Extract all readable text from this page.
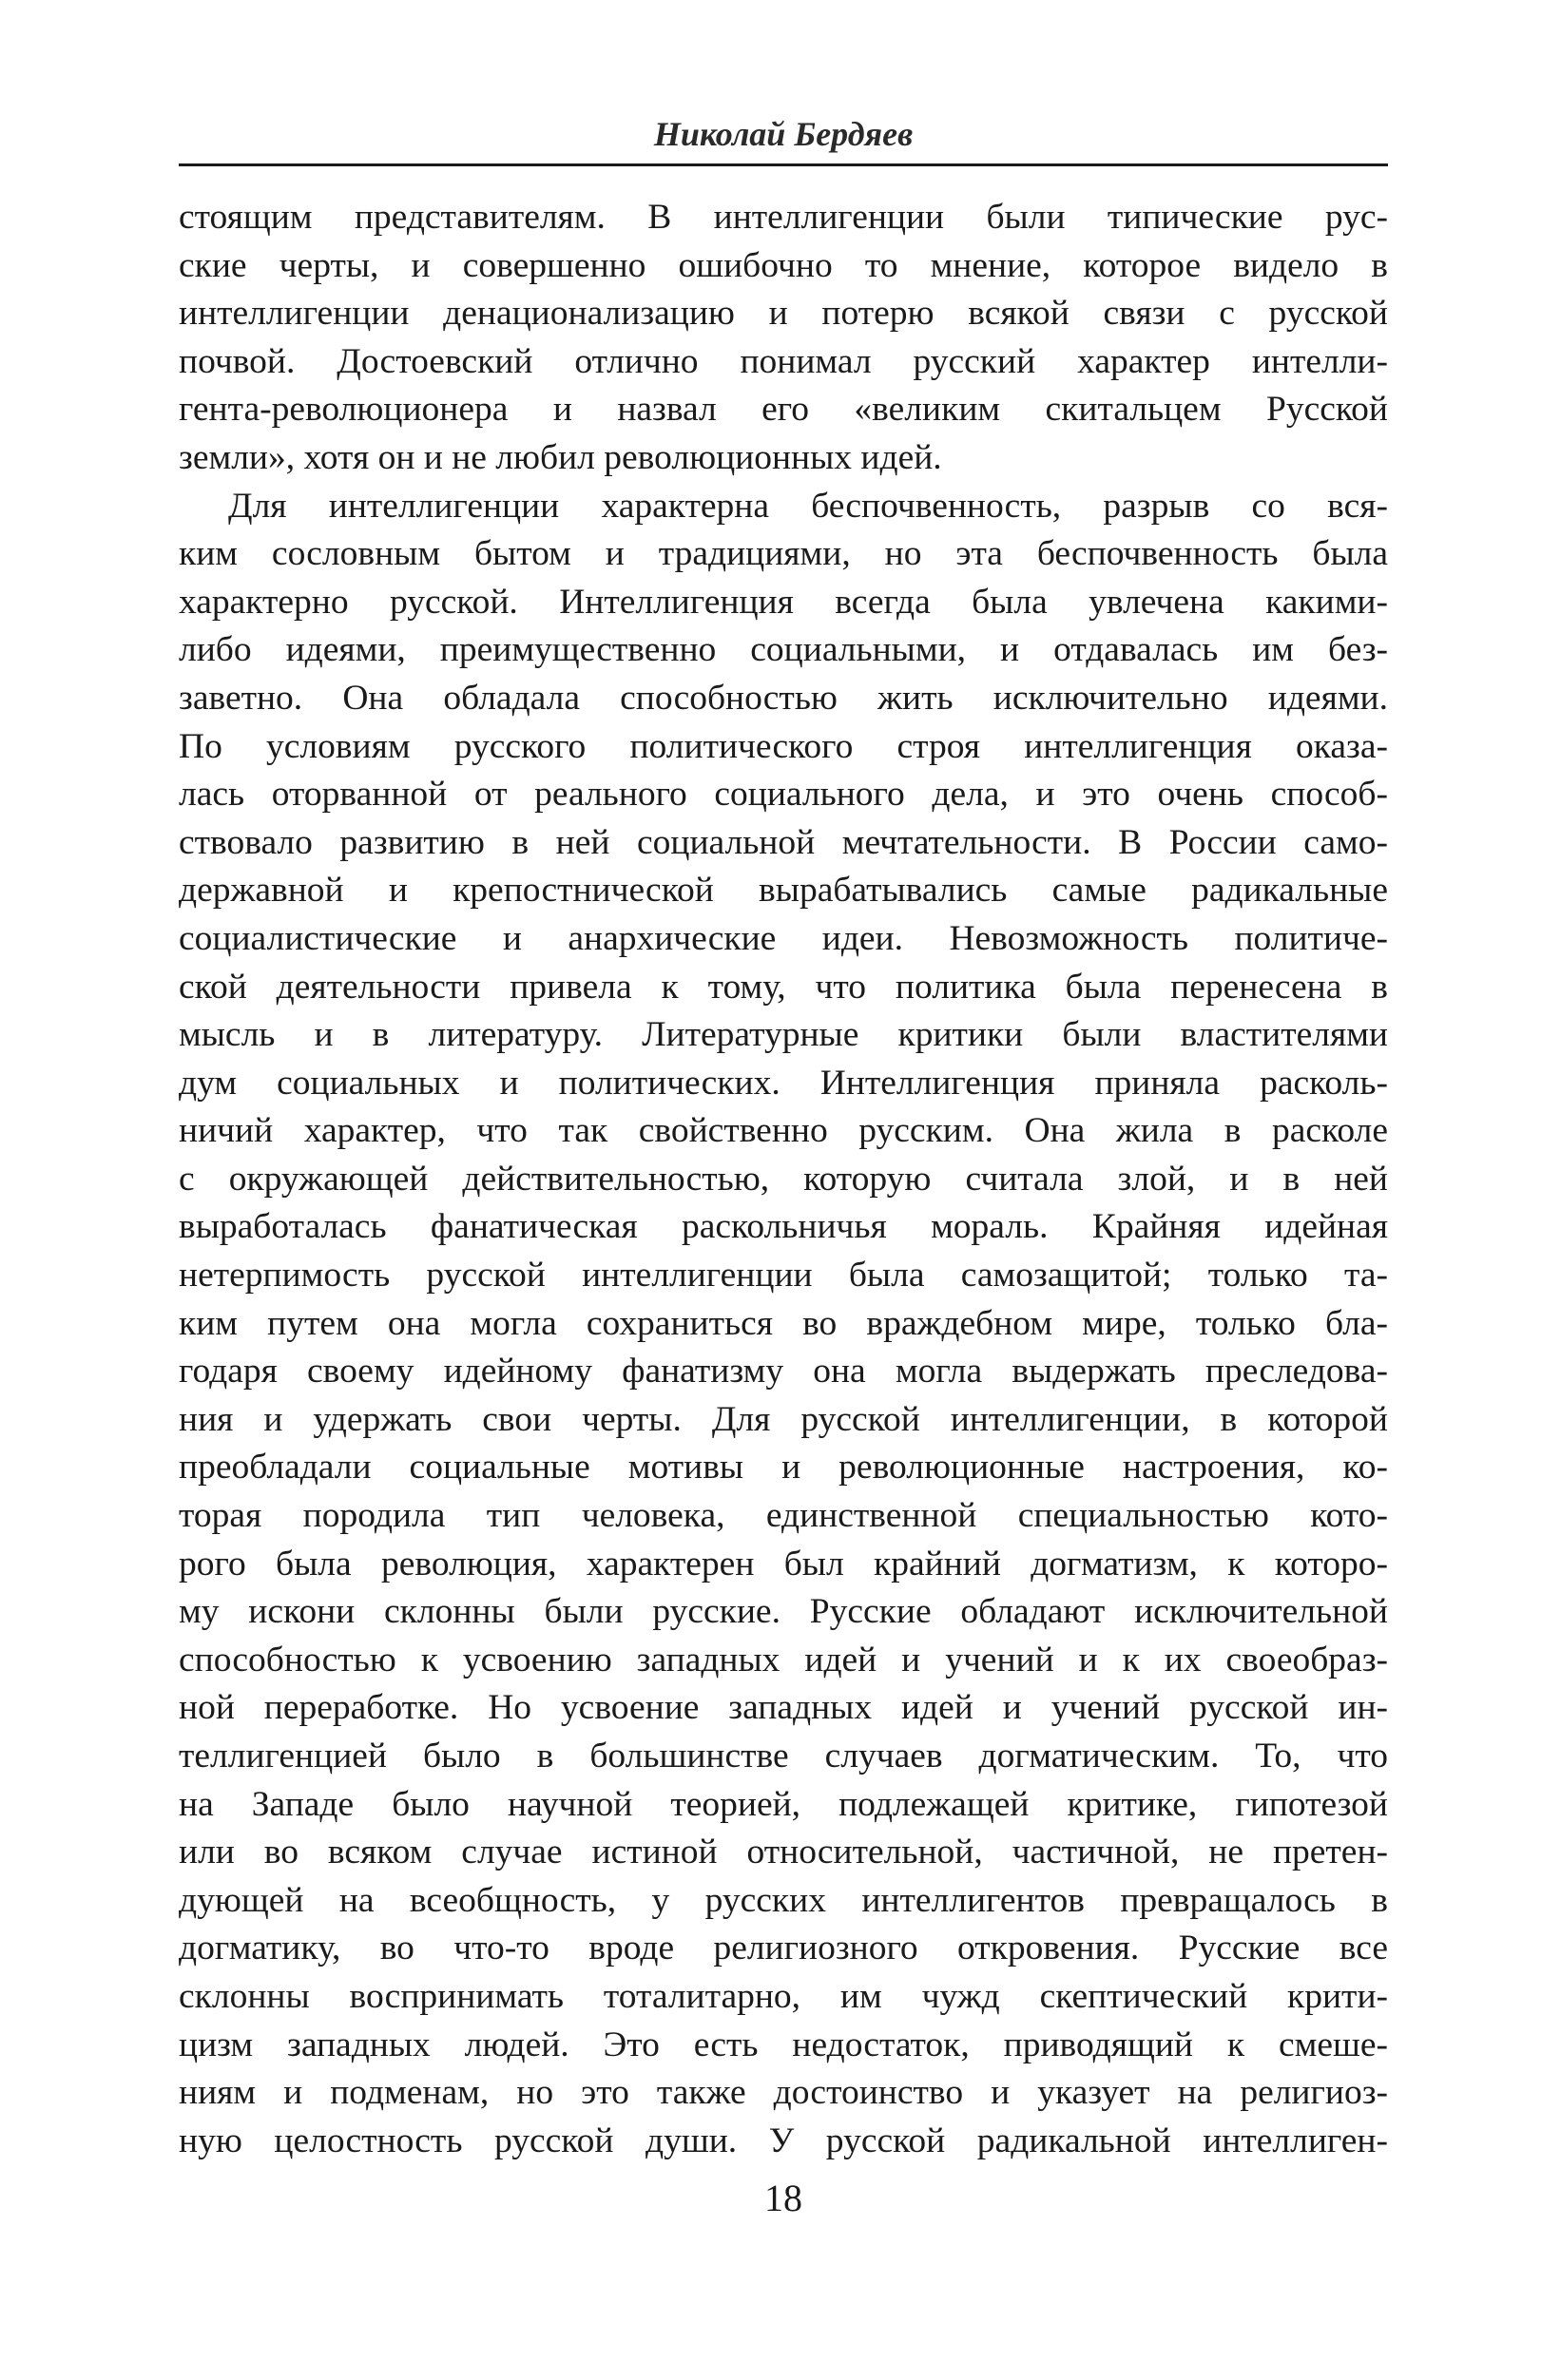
Николай Бердяев
стоящим представителям. В интеллигенции были типические рус-
ские черты, и совершенно ошибочно то мнение, которое видело в
интеллигенции денационализацию и потерю всякой связи с русской
почвой. Достоевский отлично понимал русский характер интелли-
гента-революционера и назвал его «великим скитальцем Русской
земли», хотя он и не любил революционных идей.
Для интеллигенции характерна беспочвенность, разрыв со вся-
ким сословным бытом и традициями, но эта беспочвенность была
характерно русской. Интеллигенция всегда была увлечена какими-
либо идеями, преимущественно социальными, и отдавалась им без-
заветно. Она обладала способностью жить исключительно идеями.
По условиям русского политического строя интеллигенция оказа-
лась оторванной от реального социального дела, и это очень способ-
ствовало развитию в ней социальной мечтательности. В России само-
державной и крепостнической вырабатывались самые радикальные
социалистические и анархические идеи. Невозможность политиче-
ской деятельности привела к тому, что политика была перенесена в
мысль и в литературу. Литературные критики были властителями
дум социальных и политических. Интеллигенция приняла расколь-
ничий характер, что так свойственно русским. Она жила в расколе
с окружающей действительностью, которую считала злой, и в ней
выработалась фанатическая раскольничья мораль. Крайняя идейная
нетерпимость русской интеллигенции была самозащитой; только та-
ким путем она могла сохраниться во враждебном мире, только бла-
годаря своему идейному фанатизму она могла выдержать преследова-
ния и удержать свои черты. Для русской интеллигенции, в которой
преобладали социальные мотивы и революционные настроения, ко-
торая породила тип человека, единственной специальностью кото-
рого была революция, характерен был крайний догматизм, к которо-
му искони склонны были русские. Русские обладают исключительной
способностью к усвоению западных идей и учений и к их своеобраз-
ной переработке. Но усвоение западных идей и учений русской ин-
теллигенцией было в большинстве случаев догматическим. То, что
на Западе было научной теорией, подлежащей критике, гипотезой
или во всяком случае истиной относительной, частичной, не претен-
дующей на всеобщность, у русских интеллигентов превращалось в
догматику, во что-то вроде религиозного откровения. Русские все
склонны воспринимать тоталитарно, им чужд скептический крити-
цизм западных людей. Это есть недостаток, приводящий к смеше-
ниям и подменам, но это также достоинство и указует на религиоз-
ную целостность русской души. У русской радикальной интеллиген-
18
